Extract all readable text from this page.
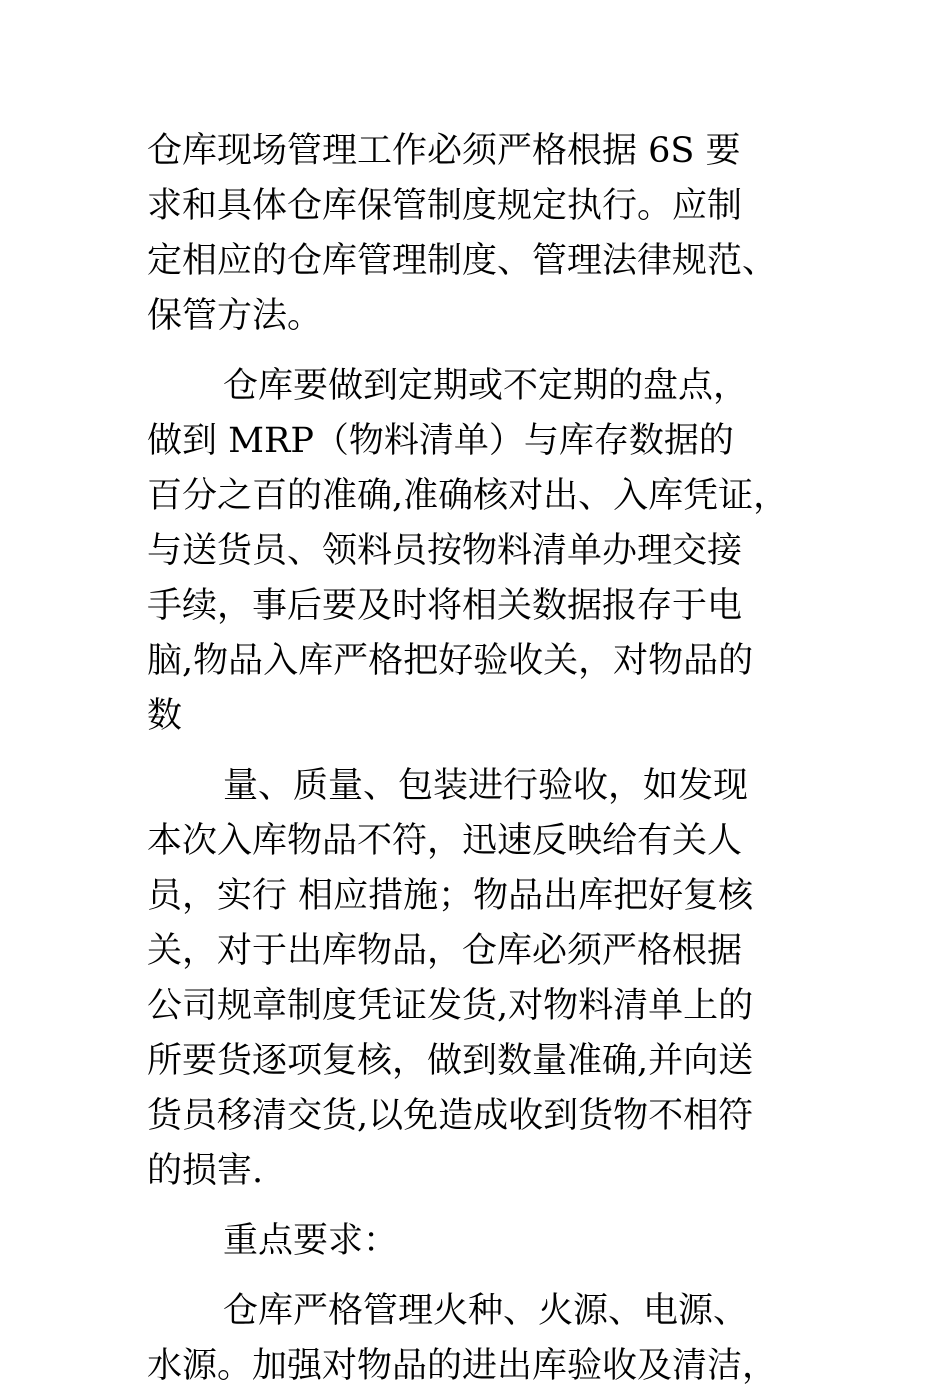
仓库现场管理工作必须严格根据 6S 要
求和具体仓库保管制度规定执行。应制
定相应的仓库管理制度、管理法律规范、
保管方法。
仓库要做到定期或不定期的盘点，
做到 MRP（物料清单）与库存数据的
百分之百的准确,准确核对出、入库凭证，
与送货员、领料员按物料清单办理交接
手续，事后要及时将相关数据报存于电
脑,物品入库严格把好验收关，对物品的
数
量、质量、包装进行验收，如发现
本次入库物品不符，迅速反映给有关人
员，实行 相应措施；物品出库把好复核
关，对于出库物品，仓库必须严格根据
公司规章制度凭证发货,对物料清单上的
所要货逐项复核，做到数量准确,并向送
货员移清交货,以免造成收到货物不相符
的损害.
重点要求：
仓库严格管理火种、火源、电源、
水源。加强对物品的进出库验收及清洁，
